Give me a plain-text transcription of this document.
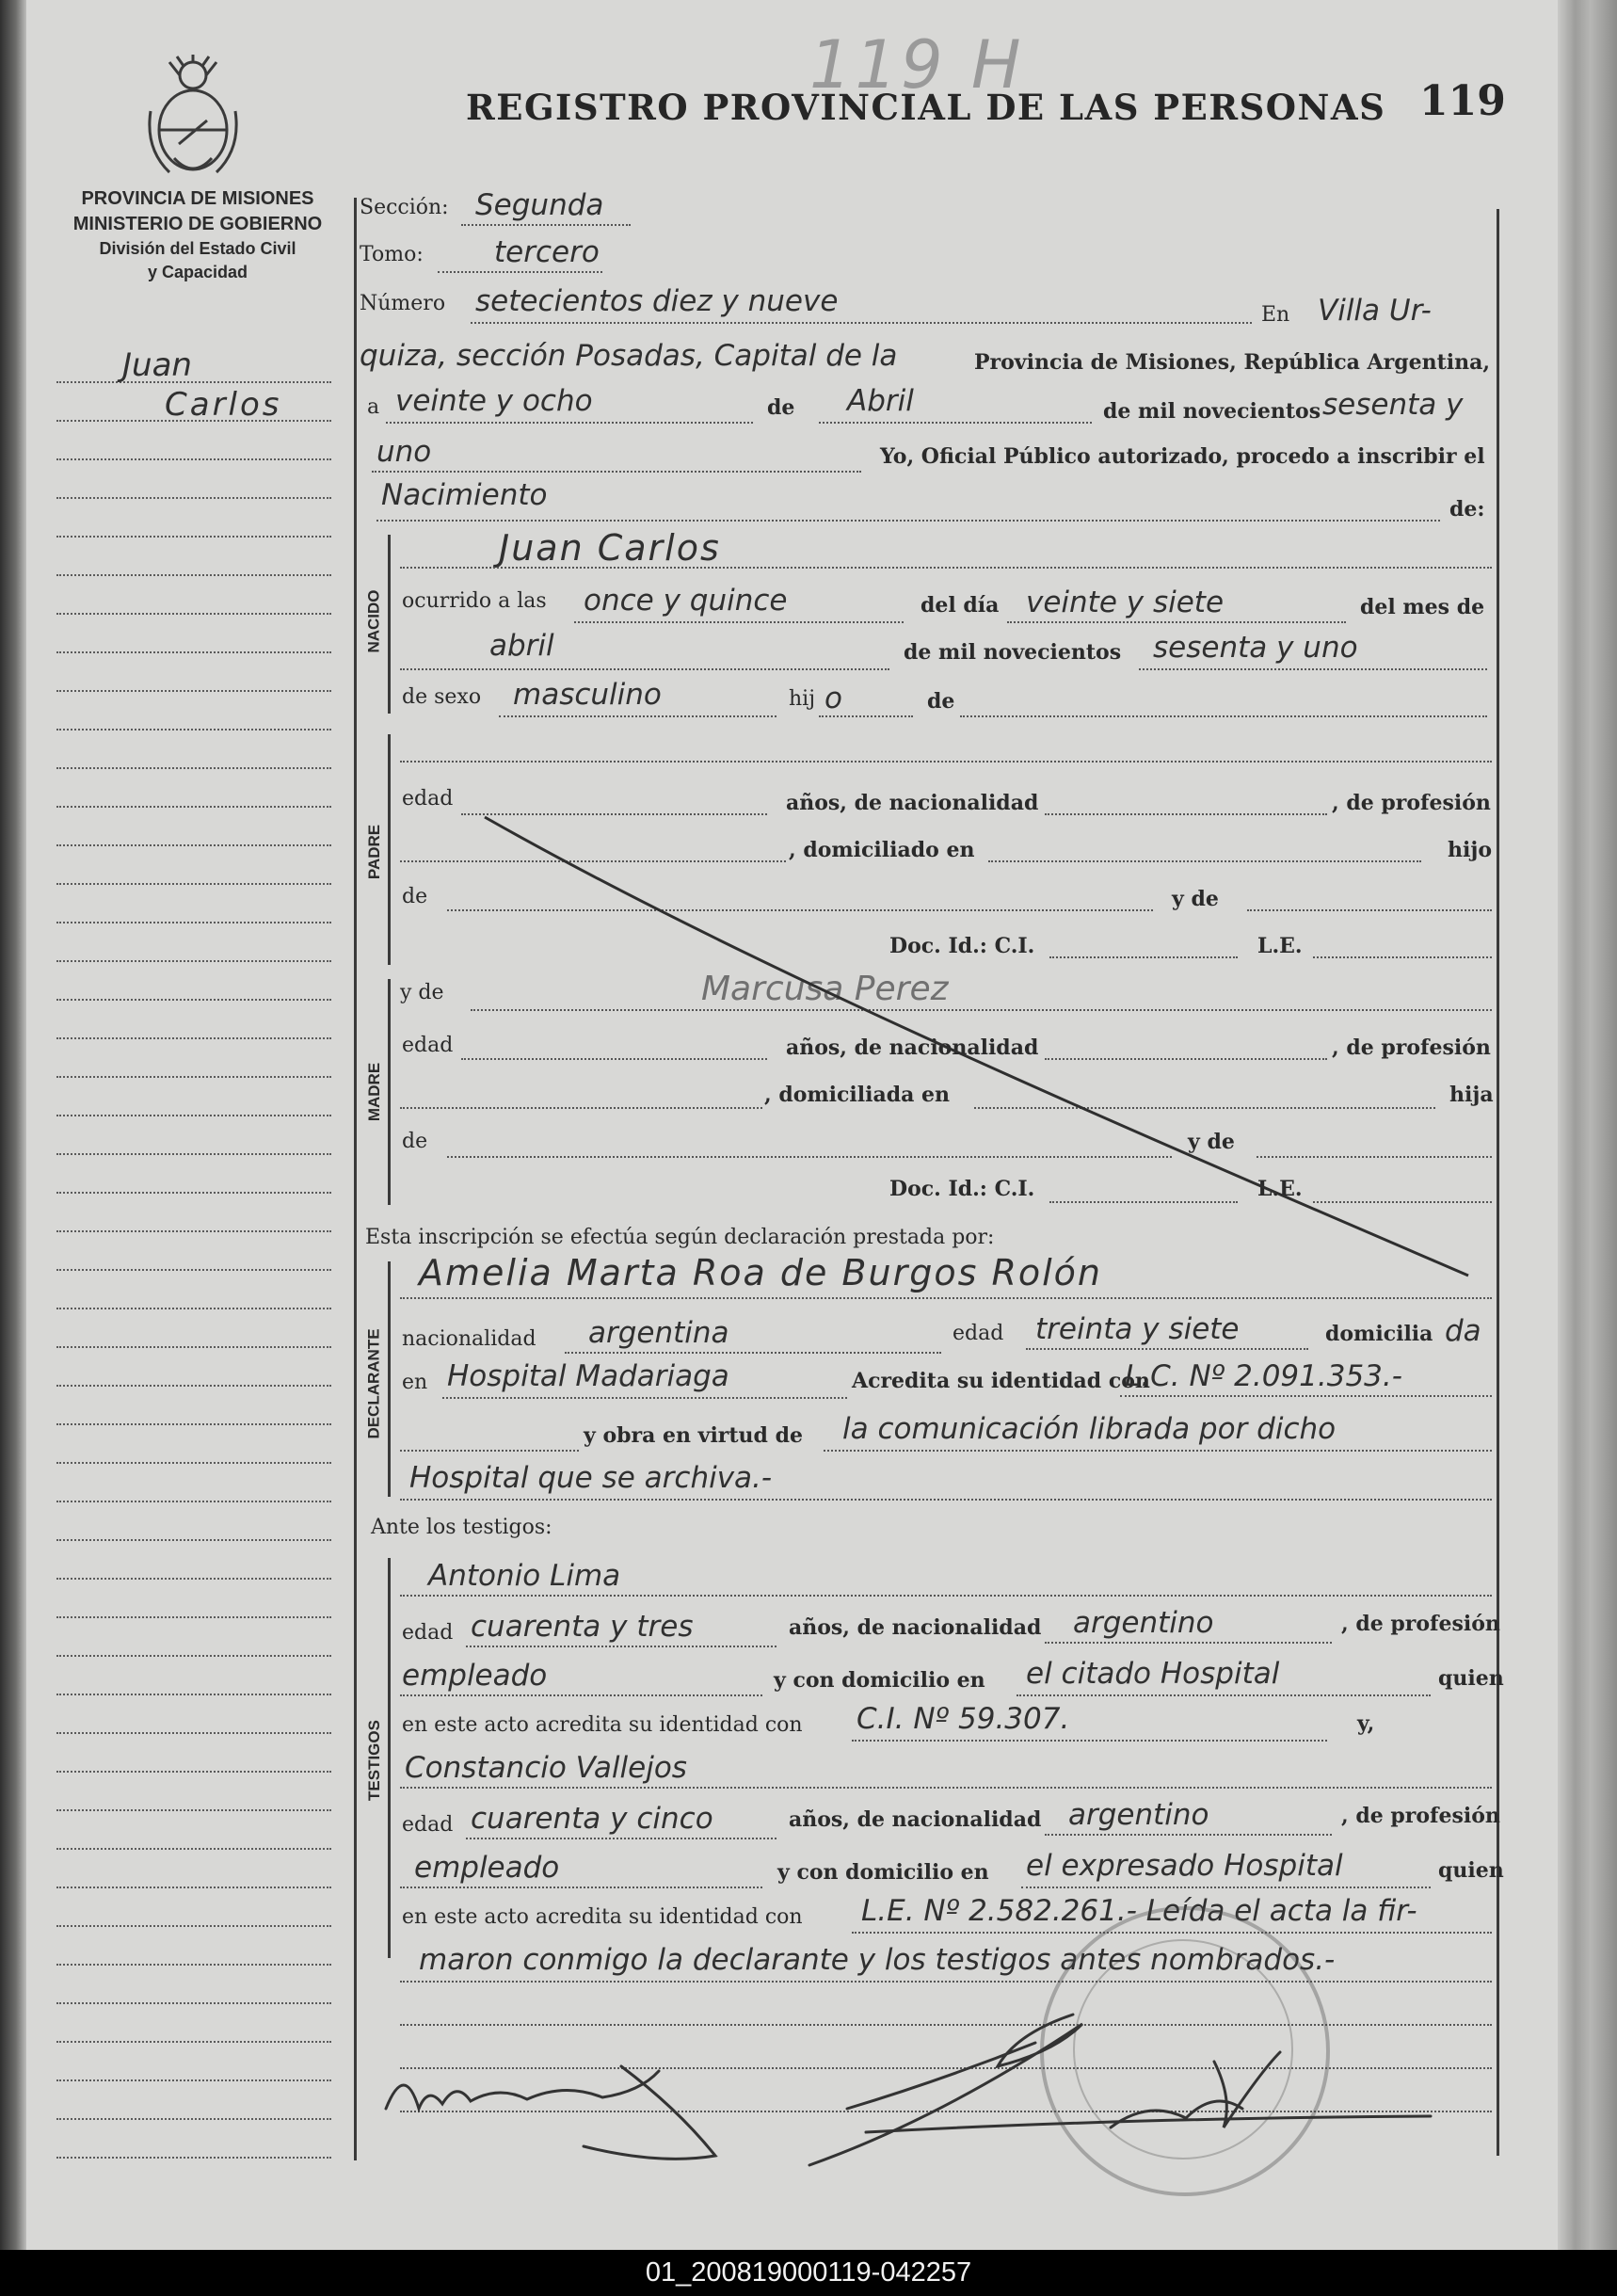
PROVINCIA DE MISIONES
MINISTERIO DE GOBIERNO
División del Estado Civil
y Capacidad
119 H
REGISTRO PROVINCIAL DE LAS PERSONAS 119
Juan
Carlos
NACIDO
PADRE
MADRE
DECLARANTE
TESTIGOS
Sección: Segunda
Tomo: tercero
Número setecientos diez y nueve	En Villa Ur-
quiza, sección Posadas, Capital de la	Provincia de Misiones, República Argentina,
a veinte y ocho	de Abril	de mil novecientos sesenta y
uno	Yo, Oficial Público autorizado, procedo a inscribir el
Nacimiento	de:
Juan Carlos
ocurrido a las once y quince	del día veinte y siete	del mes de
abril	de mil novecientos sesenta y uno
de sexo masculino	hij o	de
edad	años, de nacionalidad	, de profesión
, domiciliado en	hijo
de	y de
Doc. Id.: C.I.	L.E.
y de	Marcusa Perez
edad	años, de nacionalidad	, de profesión
, domiciliada en	hija
de	y de
Doc. Id.: C.I.	L.E.
Esta inscripción se efectúa según declaración prestada por:
Amelia Marta Roa de Burgos Rolón
nacionalidad argentina	edad treinta y siete	domicilia da
en Hospital Madariaga	Acredita su identidad con
L.C. Nº 2.091.353.-
y obra en virtud de la comunicación librada por dicho
Hospital que se archiva.-
Ante los testigos:
Antonio Lima
edad cuarenta y tres	años, de nacionalidad argentino	, de profesión
empleado	y con domicilio en el citado Hospital	quien
en este acto acredita su identidad con C.I. Nº 59.307.	y,
Constancio Vallejos
edad cuarenta y cinco	años, de nacionalidad argentino	, de profesión
empleado	y con domicilio en el expresado Hospital	quien
en este acto acredita su identidad con L.E. Nº 2.582.261.- Leída el acta la fir-
maron conmigo la declarante y los testigos antes nombrados.-
01_200819000119-042257
